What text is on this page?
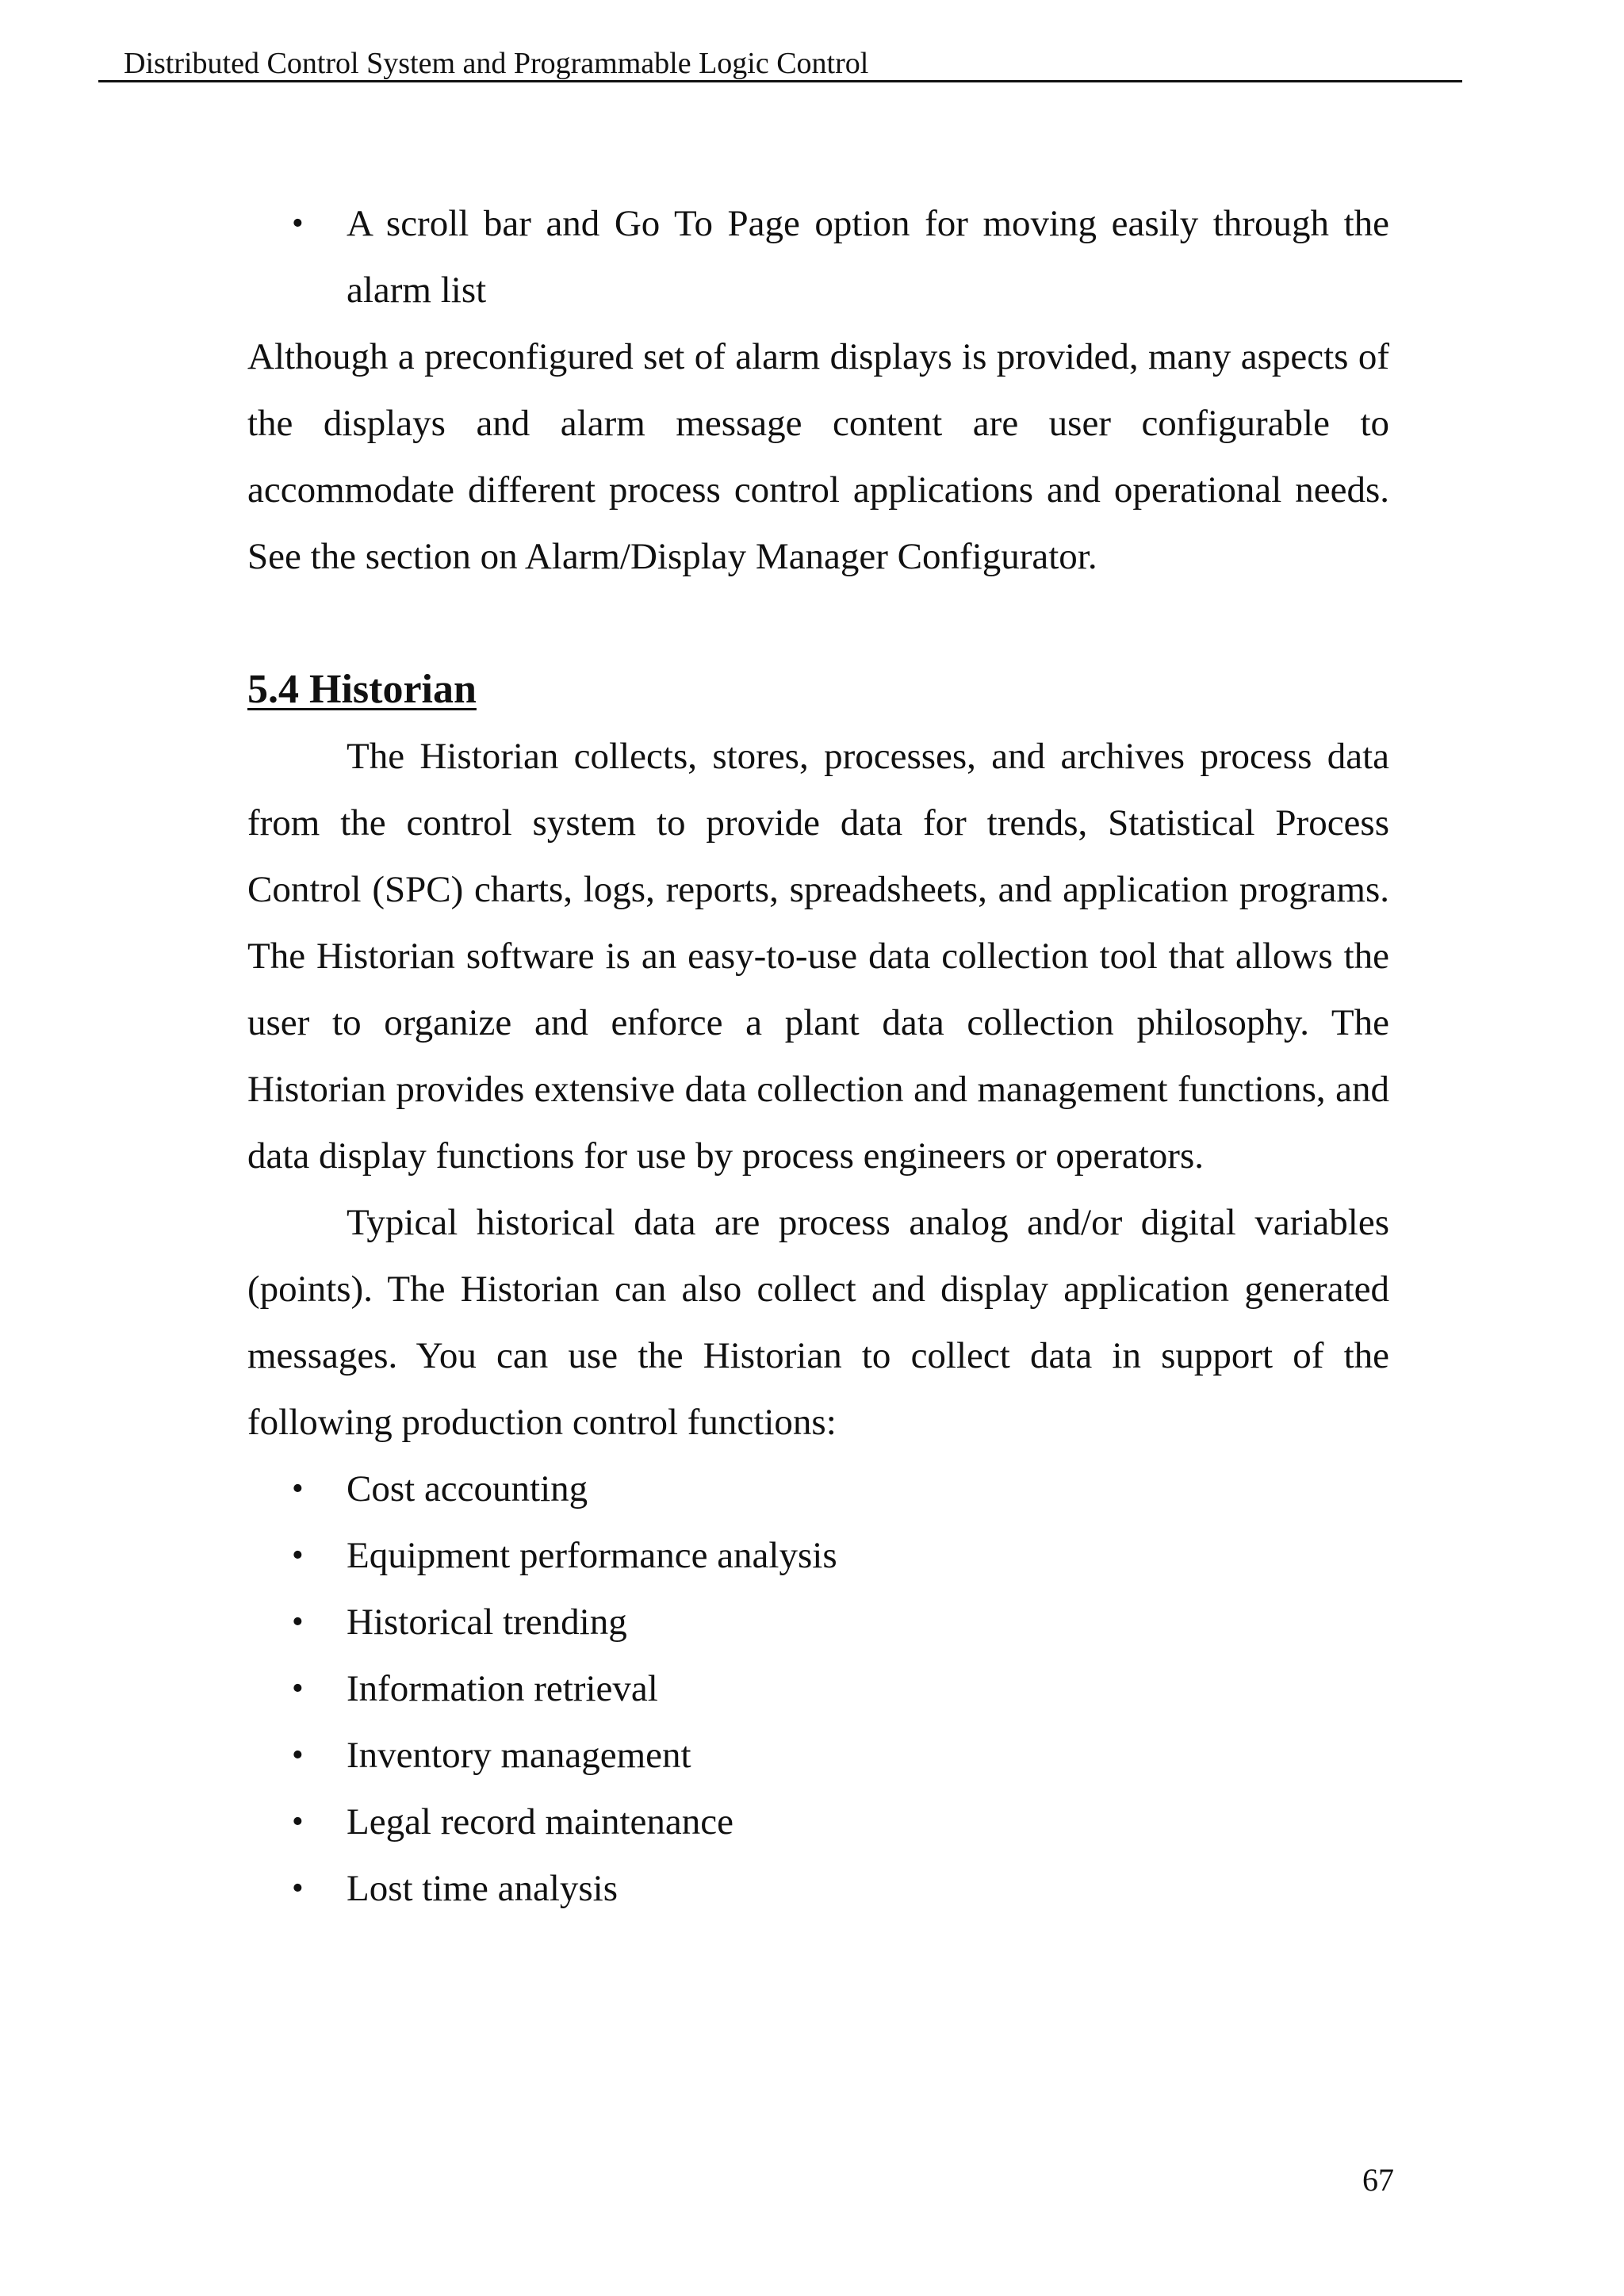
Distributed Control System and Programmable Logic Control
• A scroll bar and Go To Page option for moving easily through the alarm list

Although a preconfigured set of alarm displays is provided, many aspects of the displays and alarm message content are user configurable to accommodate different process control applications and operational needs. See the section on Alarm/Display Manager Configurator.

5.4 Historian

The Historian collects, stores, processes, and archives process data from the control system to provide data for trends, Statistical Process Control (SPC) charts, logs, reports, spreadsheets, and application programs. The Historian software is an easy-to-use data collection tool that allows the user to organize and enforce a plant data collection philosophy. The Historian provides extensive data collection and management functions, and data display functions for use by process engineers or operators.

Typical historical data are process analog and/or digital variables (points). The Historian can also collect and display application generated messages. You can use the Historian to collect data in support of the following production control functions:

• Cost accounting
• Equipment performance analysis
• Historical trending
• Information retrieval
• Inventory management
• Legal record maintenance
• Lost time analysis
67
